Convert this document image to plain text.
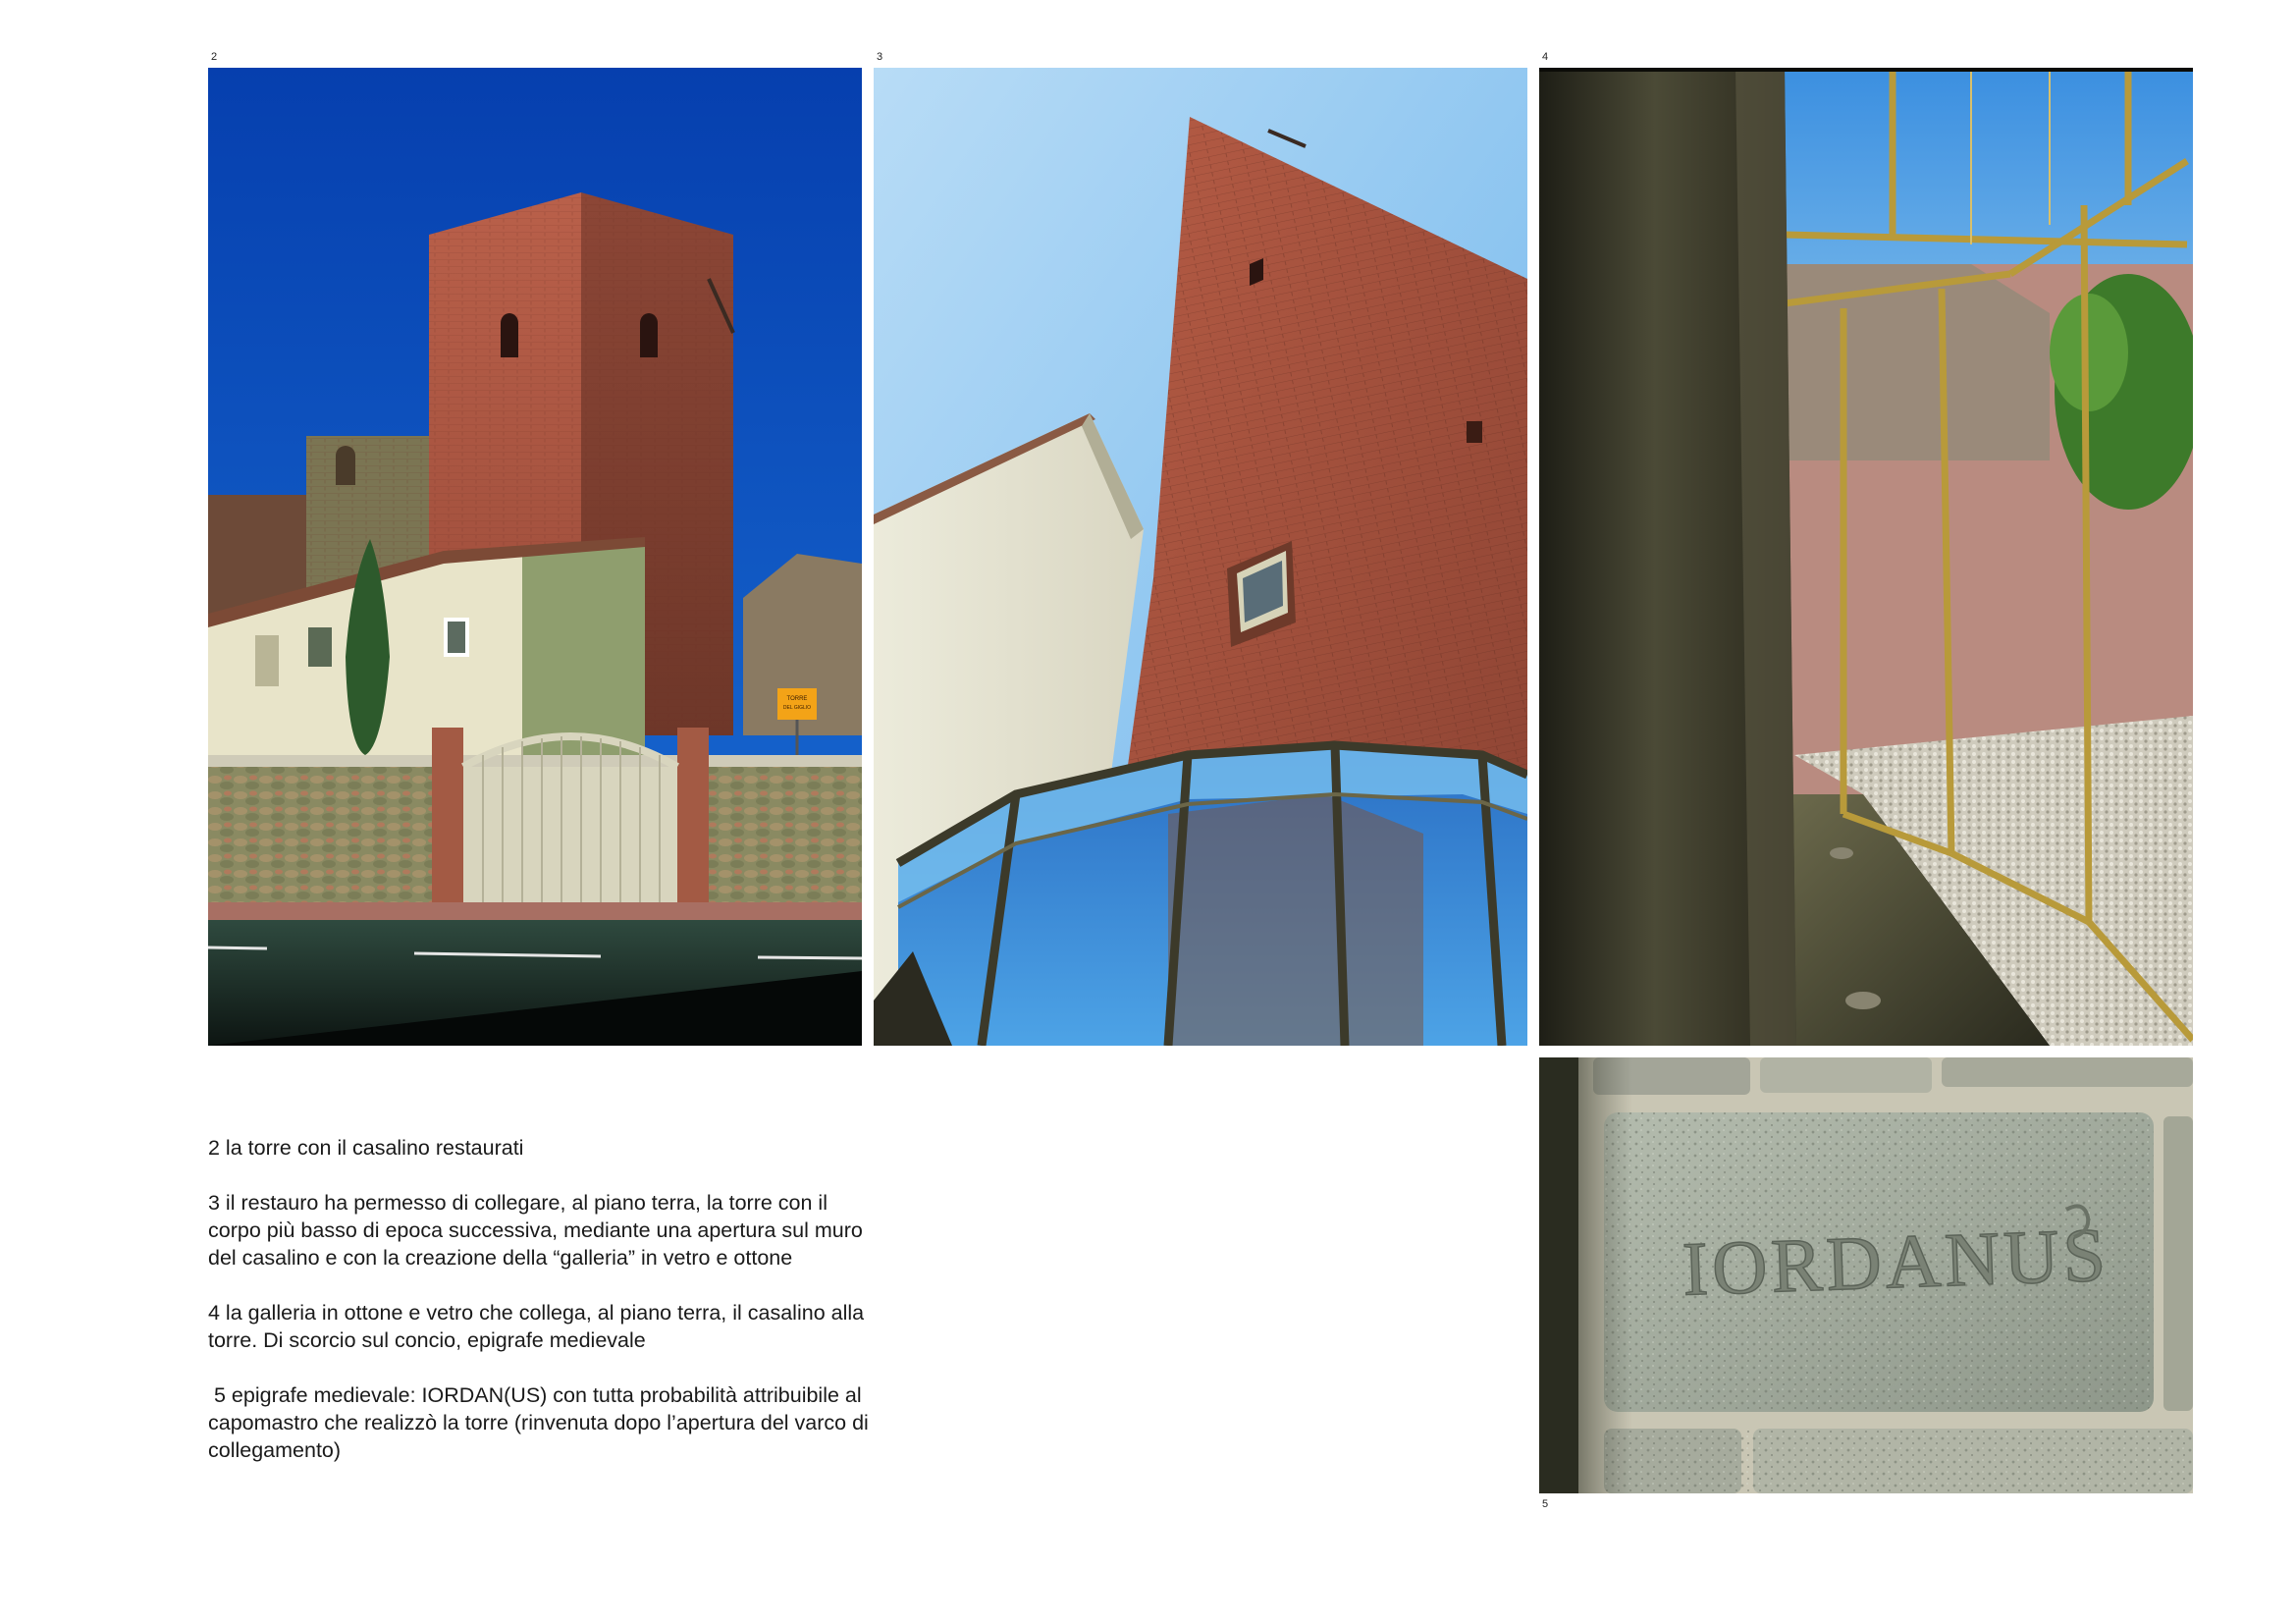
2	3	4
5
TORRE
DEL GIGLIO
IORDANUS

2 la torre con il casalino restaurati

3 il restauro ha permesso di collegare, al piano terra, la torre con il corpo più basso di epoca successiva, mediante una apertura sul muro del casalino e con la creazione della “galleria” in vetro e ottone

4 la galleria in ottone e vetro che collega, al piano terra, il casalino alla torre. Di scorcio sul concio, epigrafe medievale

5 epigrafe medievale: IORDAN(US) con tutta probabilità attribuibile al capomastro che realizzò la torre (rinvenuta dopo l’apertura del varco di collegamento)
